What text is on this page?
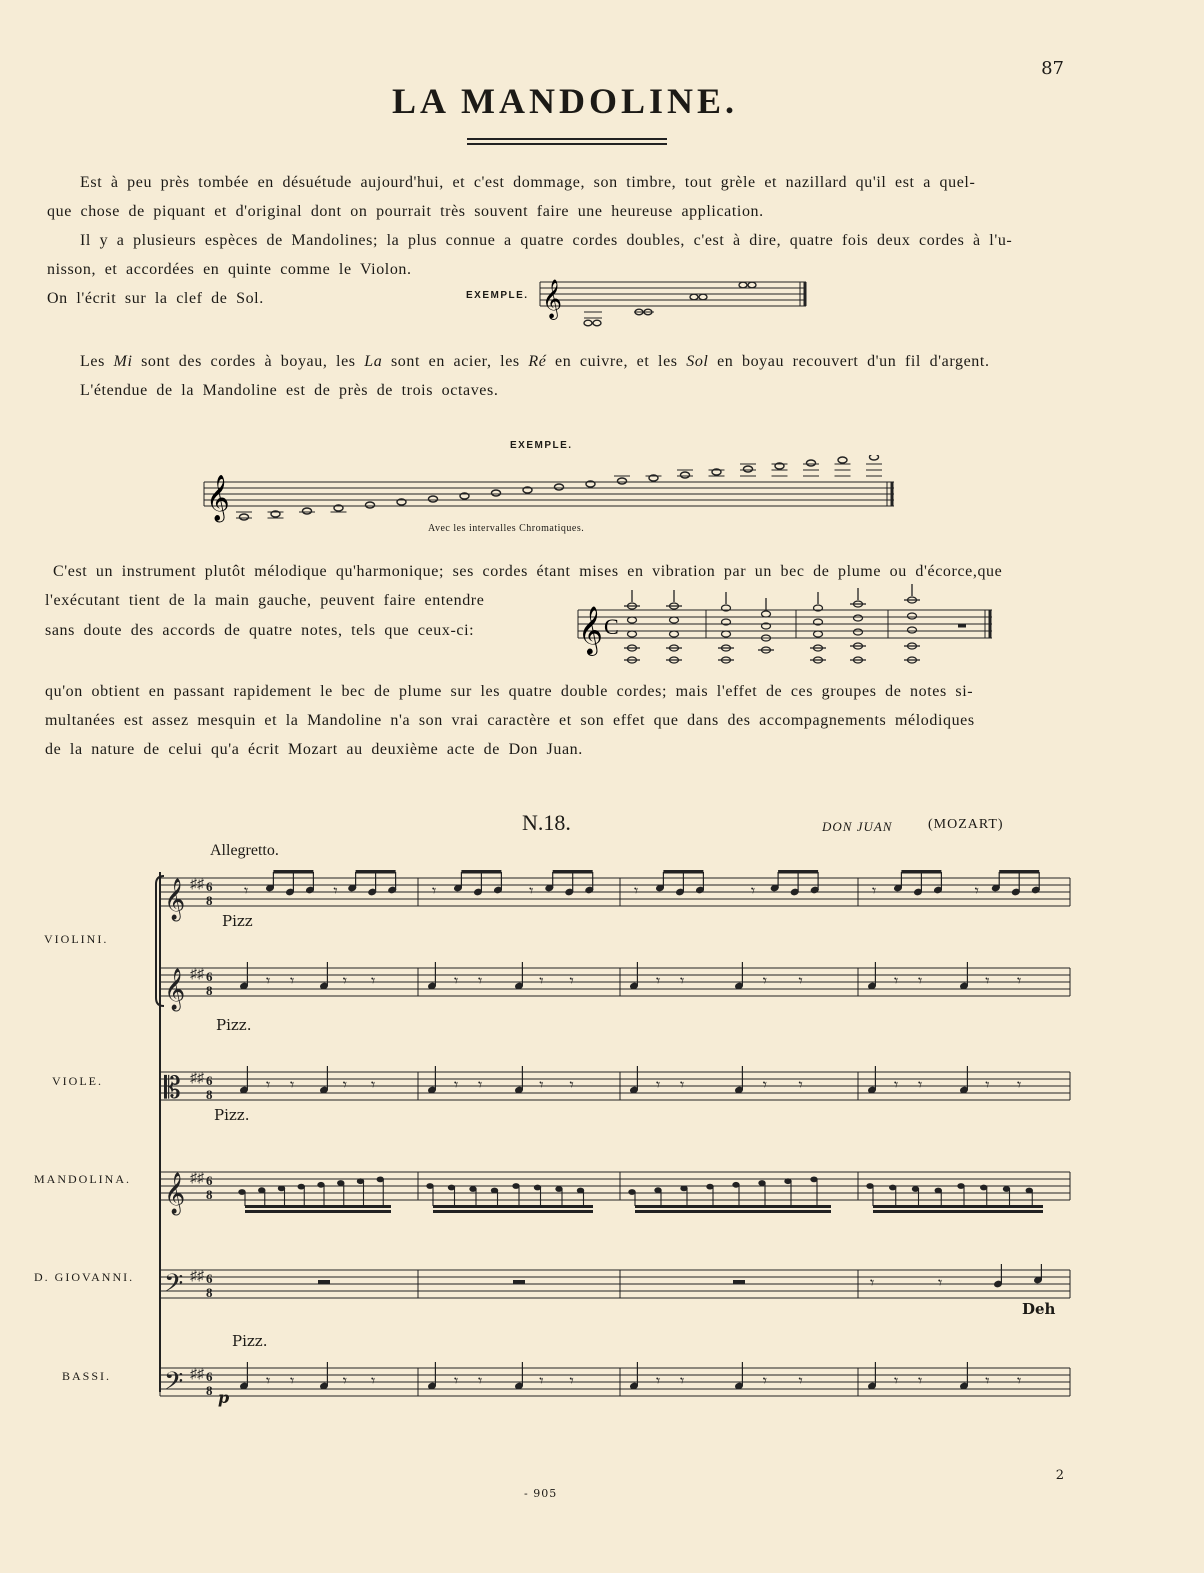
87
LA MANDOLINE.
Est à peu près tombée en désuétude aujourd'hui, et c'est dommage, son timbre, tout grèle et nazillard qu'il est a quel-
que chose de piquant et d'original dont on pourrait très souvent faire une heureuse application.
Il y a plusieurs espèces de Mandolines; la plus connue a quatre cordes doubles, c'est à dire, quatre fois deux cordes à l'u-
nisson, et accordées en quinte comme le Violon.
On l'écrit sur la clef de Sol.	EXEMPLE. 𝄞
Les Mi sont des cordes à boyau, les La sont en acier, les Ré en cuivre, et les Sol en boyau recouvert d'un fil d'argent.
L'étendue de la Mandoline est de près de trois octaves.
EXEMPLE.
𝄞
Avec les intervalles Chromatiques.
C'est un instrument plutôt mélodique qu'harmonique; ses cordes étant mises en vibration par un bec de plume ou d'écorce,que
l'exécutant tient de la main gauche, peuvent faire entendre
sans doute des accords de quatre notes, tels que ceux-ci: 𝄞 C
qu'on obtient en passant rapidement le bec de plume sur les quatre double cordes; mais l'effet de ces groupes de notes si-
multanées est assez mesquin et la Mandoline n'a son vrai caractère et son effet que dans des accompagnements mélodiques
de la nature de celui qu'a écrit Mozart au deuxième acte de Don Juan.
N.18.	DON JUAN	(MOZART)
Allegretto.
VIOLINI.
VIOLE.
MANDOLINA.
D. GIOVANNI.
BASSI.
Pizz
Pizz.
Pizz.
Pizz.
p
Deh
𝄞 ♯♯ 6
8
𝄞 ♯♯ 6
8
𝄡 ♯♯ 6
8
𝄞 ♯♯ 6
8
𝄢 ♯♯ 6
8
𝄢 ♯♯ 6
8
𝄾	𝄾
𝄾 𝄾	𝄾 𝄾
𝄾 𝄾	𝄾 𝄾
𝄾 𝄾	𝄾 𝄾
𝄾	𝄾
𝄾 𝄾	𝄾 𝄾
𝄾 𝄾	𝄾 𝄾
𝄾 𝄾	𝄾 𝄾
𝄾	𝄾
𝄾 𝄾	𝄾 𝄾
𝄾 𝄾	𝄾 𝄾
𝄾 𝄾	𝄾 𝄾
𝄾	𝄾
𝄾 𝄾	𝄾 𝄾
𝄾 𝄾	𝄾 𝄾
𝄾 𝄾	𝄾 𝄾
𝄾	𝄾
2
- 905
